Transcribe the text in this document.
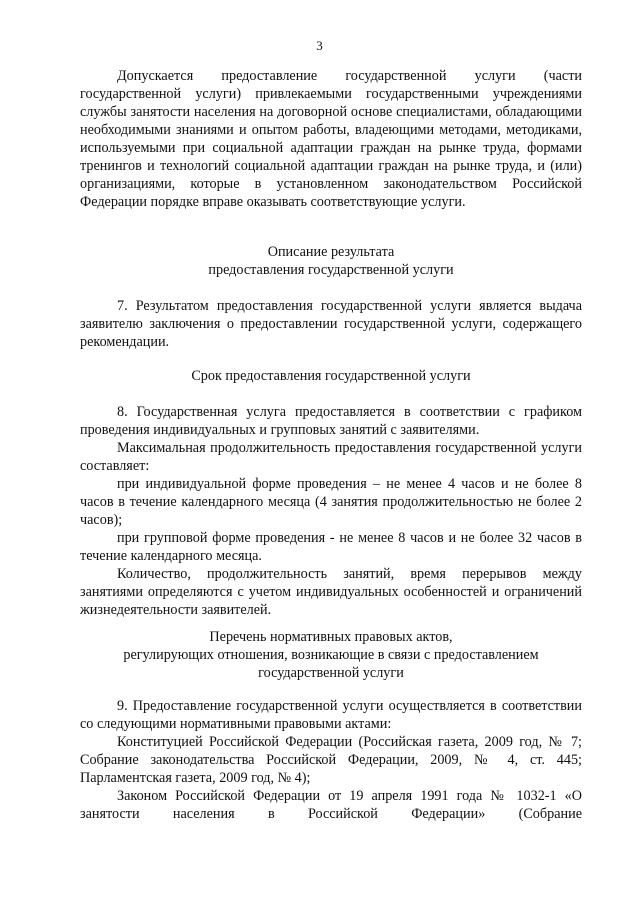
3

Допускается предоставление государственной услуги (части государственной услуги) привлекаемыми государственными учреждениями службы занятости населения на договорной основе специалистами, обладающими необходимыми знаниями и опытом работы, владеющими методами, методиками, используемыми при социальной адаптации граждан на рынке труда, формами тренингов и технологий социальной адаптации граждан на рынке труда, и (или) организациями, которые в установленном законодательством Российской Федерации порядке вправе оказывать соответствующие услуги.

Описание результата
предоставления государственной услуги

7. Результатом предоставления государственной услуги является выдача заявителю заключения о предоставлении государственной услуги, содержащего рекомендации.

Срок предоставления государственной услуги

8. Государственная услуга предоставляется в соответствии с графиком проведения индивидуальных и групповых занятий с заявителями.

Максимальная продолжительность предоставления государственной услуги составляет:

при индивидуальной форме проведения – не менее 4 часов и не более 8 часов в течение календарного месяца (4 занятия продолжительностью не более 2 часов);

при групповой форме проведения - не менее 8 часов и не более 32 часов в течение календарного месяца.

Количество, продолжительность занятий, время перерывов между занятиями определяются с учетом индивидуальных особенностей и ограничений жизнедеятельности заявителей.

Перечень нормативных правовых актов,
регулирующих отношения, возникающие в связи с предоставлением
государственной услуги

9. Предоставление государственной услуги осуществляется в соответствии со следующими нормативными правовыми актами:

Конституцией Российской Федерации (Российская газета, 2009 год, № 7; Собрание законодательства Российской Федерации, 2009, № 4, ст. 445; Парламентская газета, 2009 год, № 4);

Законом Российской Федерации от 19 апреля 1991 года № 1032-1 «О занятости населения в Российской Федерации» (Собрание
